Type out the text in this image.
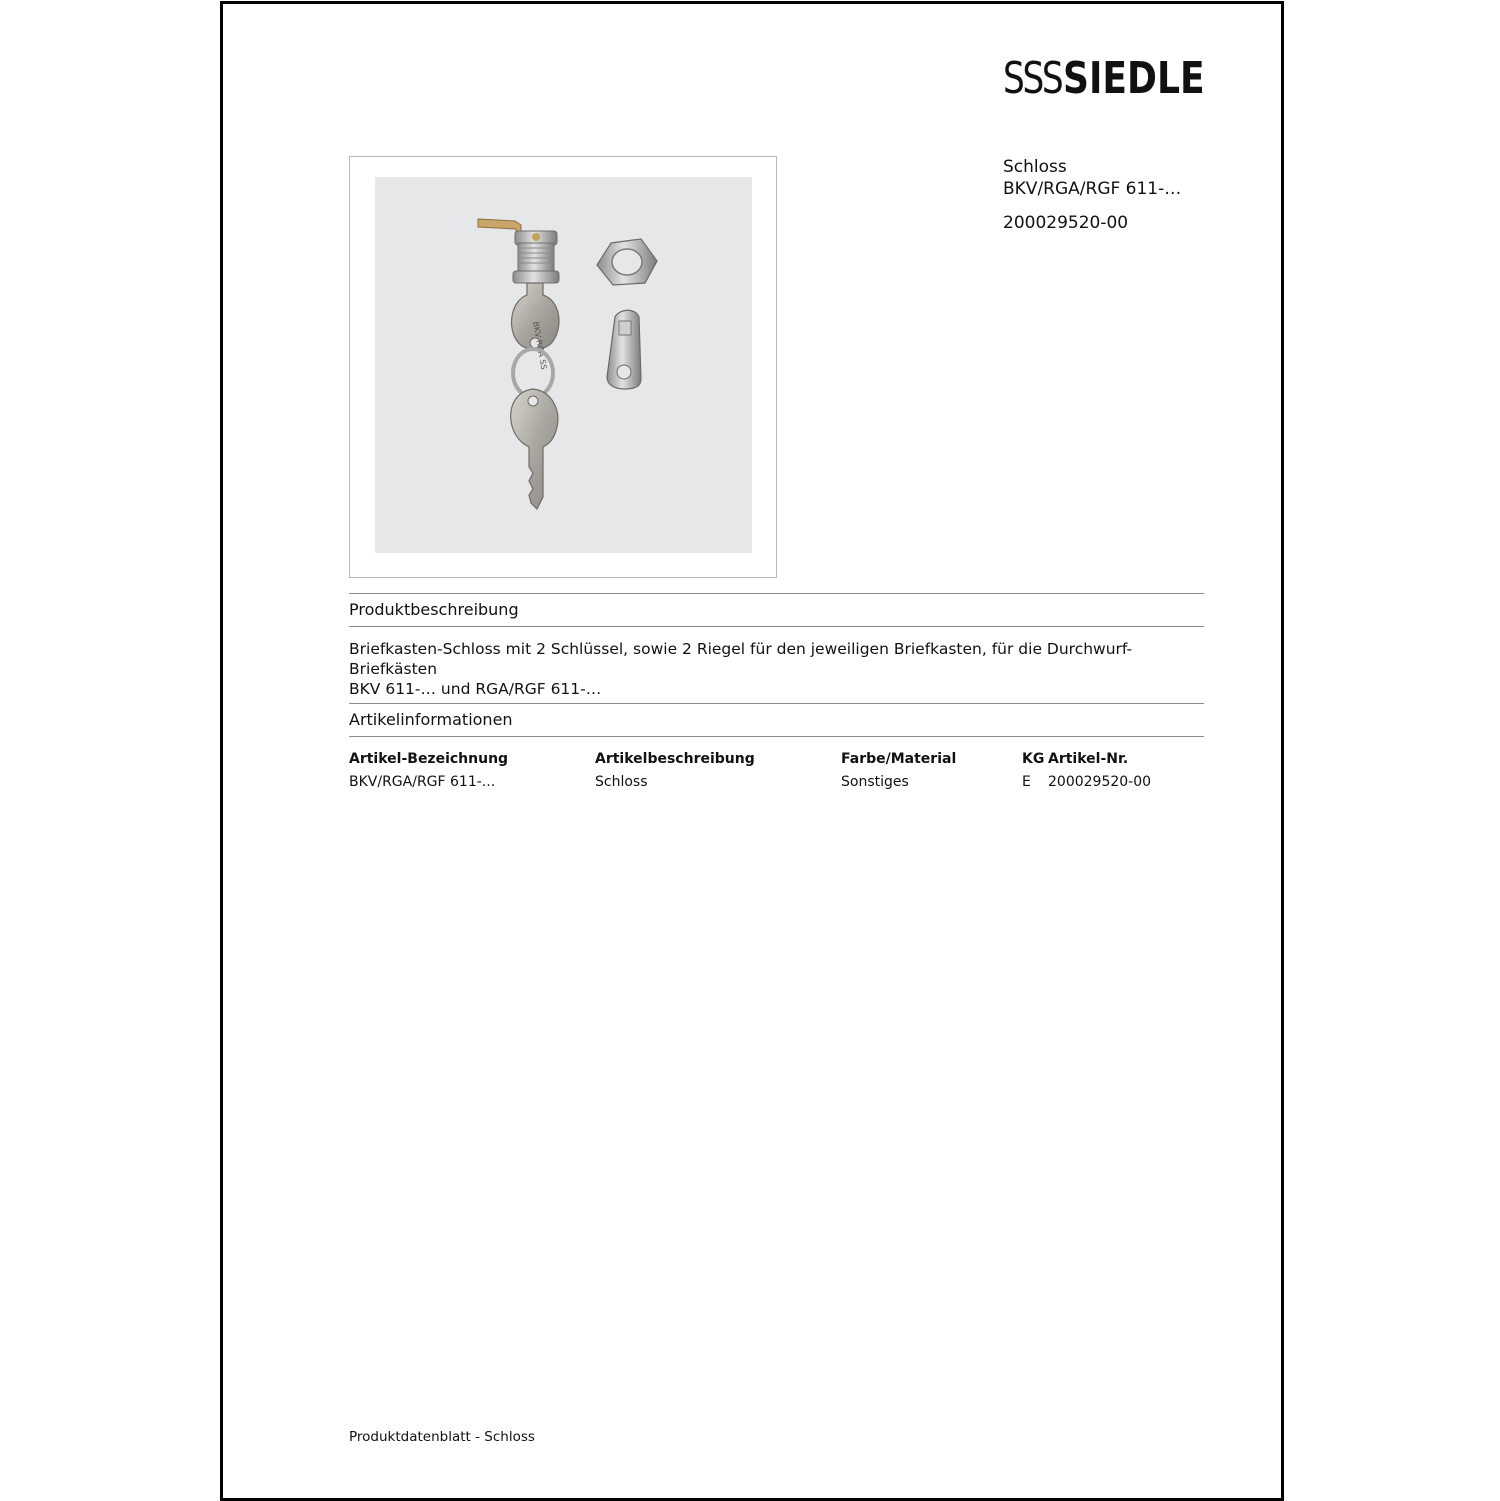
SSS SIEDLE
BKV RGA SS
Schloss
BKV/RGA/RGF 611-…
200029520-00
Produktbeschreibung
Briefkasten-Schloss mit 2 Schlüssel, sowie 2 Riegel für den jeweiligen Briefkasten, für die Durchwurf-Briefkästen
BKV 611-… und RGA/RGF 611-…
Artikelinformationen
Artikel-Bezeichnung	Artikelbeschreibung	Farbe/Material	KG Artikel-Nr.
BKV/RGA/RGF 611-...	Schloss	Sonstiges	E 200029520-00
Produktdatenblatt - Schloss
